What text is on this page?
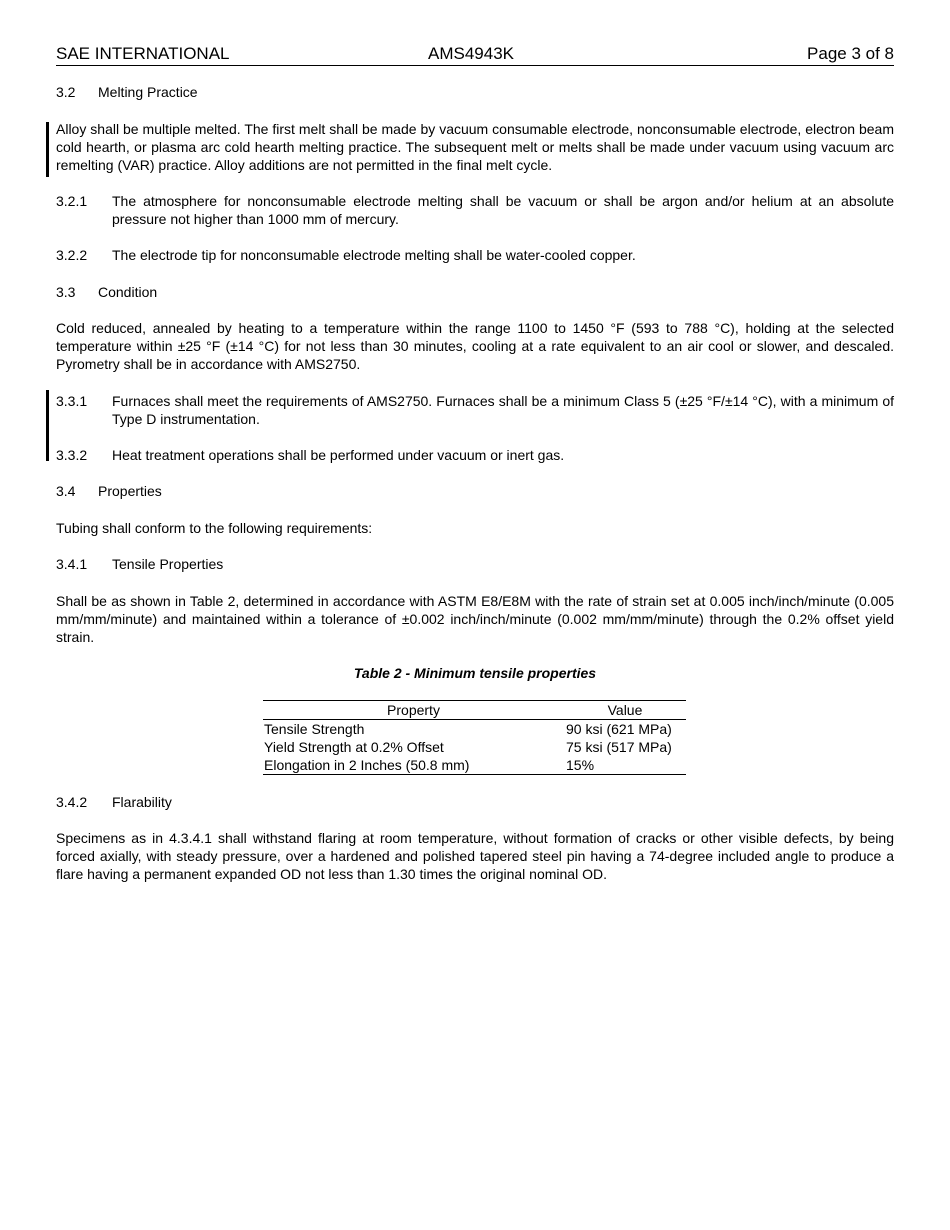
SAE INTERNATIONAL	AMS4943K	Page 3 of 8
3.2 Melting Practice
Alloy shall be multiple melted. The first melt shall be made by vacuum consumable electrode, nonconsumable electrode, electron beam cold hearth, or plasma arc cold hearth melting practice. The subsequent melt or melts shall be made under vacuum using vacuum arc remelting (VAR) practice. Alloy additions are not permitted in the final melt cycle.
3.2.1	The atmosphere for nonconsumable electrode melting shall be vacuum or shall be argon and/or helium at an absolute pressure not higher than 1000 mm of mercury.
3.2.2	The electrode tip for nonconsumable electrode melting shall be water-cooled copper.
3.3 Condition
Cold reduced, annealed by heating to a temperature within the range 1100 to 1450 °F (593 to 788 °C), holding at the selected temperature within ±25 °F (±14 °C) for not less than 30 minutes, cooling at a rate equivalent to an air cool or slower, and descaled. Pyrometry shall be in accordance with AMS2750.
3.3.1	Furnaces shall meet the requirements of AMS2750. Furnaces shall be a minimum Class 5 (±25 °F/±14 °C), with a minimum of Type D instrumentation.
3.3.2	Heat treatment operations shall be performed under vacuum or inert gas.
3.4 Properties
Tubing shall conform to the following requirements:
3.4.1 Tensile Properties
Shall be as shown in Table 2, determined in accordance with ASTM E8/E8M with the rate of strain set at 0.005 inch/inch/minute (0.005 mm/mm/minute) and maintained within a tolerance of ±0.002 inch/inch/minute (0.002 mm/mm/minute) through the 0.2% offset yield strain.
Table 2 - Minimum tensile properties
Property	Value
Tensile Strength	90 ksi (621 MPa)
Yield Strength at 0.2% Offset	75 ksi (517 MPa)
Elongation in 2 Inches (50.8 mm)	15%
3.4.2 Flarability
Specimens as in 4.3.4.1 shall withstand flaring at room temperature, without formation of cracks or other visible defects, by being forced axially, with steady pressure, over a hardened and polished tapered steel pin having a 74-degree included angle to produce a flare having a permanent expanded OD not less than 1.30 times the original nominal OD.
